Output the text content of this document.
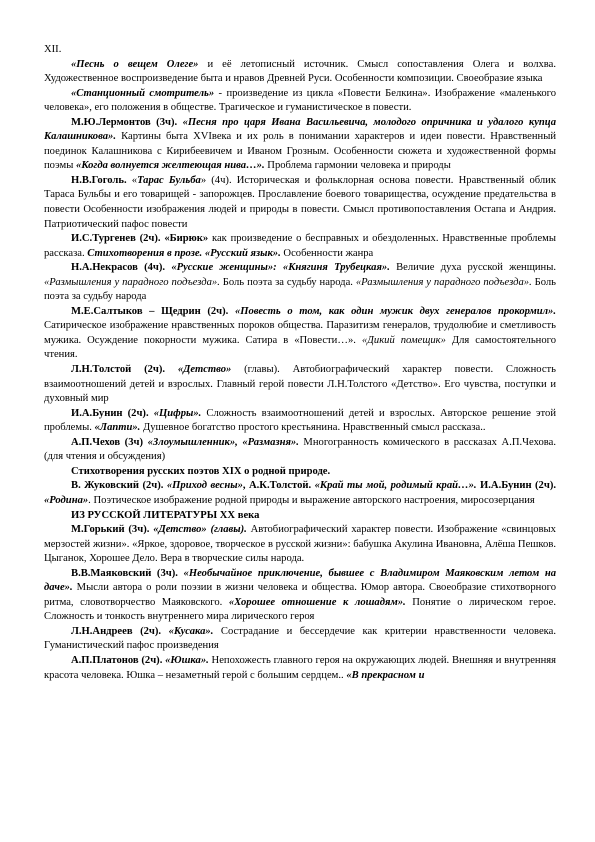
XII.

«Песнь о вещем Олеге» и её летописный источник. Смысл сопоставления Олега и волхва. Художественное воспроизведение быта и нравов Древней Руси. Особенности композиции. Своеобразие языка

«Станционный смотритель» - произведение из цикла «Повести Белкина». Изображение «маленького человека», его положения в обществе. Трагическое и гуманистическое в повести.

М.Ю.Лермонтов (3ч). «Песня про царя Ивана Васильевича, молодого опричника и удалого купца Калашникова». Картины быта XVIвека и их роль в понимании характеров и идеи повести. Нравственный поединок Калашникова с Кирибеевичем и Иваном Грозным. Особенности сюжета и художественной формы поэмы «Когда волнуется желтеющая нива…». Проблема гармонии человека и природы

Н.В.Гоголь. «Тарас Бульба» (4ч). Историческая и фольклорная основа повести. Нравственный облик Тараса Бульбы и его товарищей - запорожцев. Прославление боевого товарищества, осуждение предательства в повести Особенности изображения людей и природы в повести. Смысл противопоставления Остапа и Андрия. Патриотический пафос повести

И.С.Тургенев (2ч). «Бирюк» как произведение о бесправных и обездоленных. Нравственные проблемы рассказа. Стихотворения в прозе. «Русский язык». Особенности жанра

Н.А.Некрасов (4ч). «Русские женщины»: «Княгиня Трубецкая». Величие духа русской женщины. «Размышления у парадного подъезда». Боль поэта за судьбу народа. «Размышления у парадного подъезда». Боль поэта за судьбу народа

М.Е.Салтыков – Щедрин (2ч). «Повесть о том, как один мужик двух генералов прокормил». Сатирическое изображение нравственных пороков общества. Паразитизм генералов, трудолюбие и сметливость мужика. Осуждение покорности мужика. Сатира в «Повести…». «Дикий помещик» Для самостоятельного чтения.

Л.Н.Толстой (2ч). «Детство» (главы). Автобиографический характер повести. Сложность взаимоотношений детей и взрослых. Главный герой повести Л.Н.Толстого «Детство». Его чувства, поступки и духовный мир

И.А.Бунин (2ч). «Цифры». Сложность взаимоотношений детей и взрослых. Авторское решение этой проблемы. «Лапти». Душевное богатство простого крестьянина. Нравственный смысл рассказа..

А.П.Чехов (3ч) «Злоумышленник», «Размазня». Многогранность комического в рассказах А.П.Чехова. (для чтения и обсуждения)

Стихотворения русских поэтов XIX о родной природе.

В. Жуковский (2ч). «Приход весны», А.К.Толстой. «Край ты мой, родимый край…». И.А.Бунин (2ч). «Родина». Поэтическое изображение родной природы и выражение авторского настроения, миросозерцания

ИЗ РУССКОЙ ЛИТЕРАТУРЫ XX века

М.Горький (3ч). «Детство» (главы). Автобиографический характер повести. Изображение «свинцовых мерзостей жизни». «Яркое, здоровое, творческое в русской жизни»: бабушка Акулина Ивановна, Алёша Пешков. Цыганок, Хорошее Дело. Вера в творческие силы народа.

В.В.Маяковский (3ч). «Необычайное приключение, бывшее с Владимиром Маяковским летом на даче». Мысли автора о роли поэзии в жизни человека и общества. Юмор автора. Своеобразие стихотворного ритма, словотворчество Маяковского. «Хорошее отношение к лошадям». Понятие о лирическом герое. Сложность и тонкость внутреннего мира лирического героя

Л.Н.Андреев (2ч). «Кусака». Сострадание и бессердечие как критерии нравственности человека. Гуманистический пафос произведения

А.П.Платонов (2ч). «Юшка». Непохожесть главного героя на окружающих людей. Внешняя и внутренняя красота человека. Юшка – незаметный герой с большим сердцем.. «В прекрасном и
